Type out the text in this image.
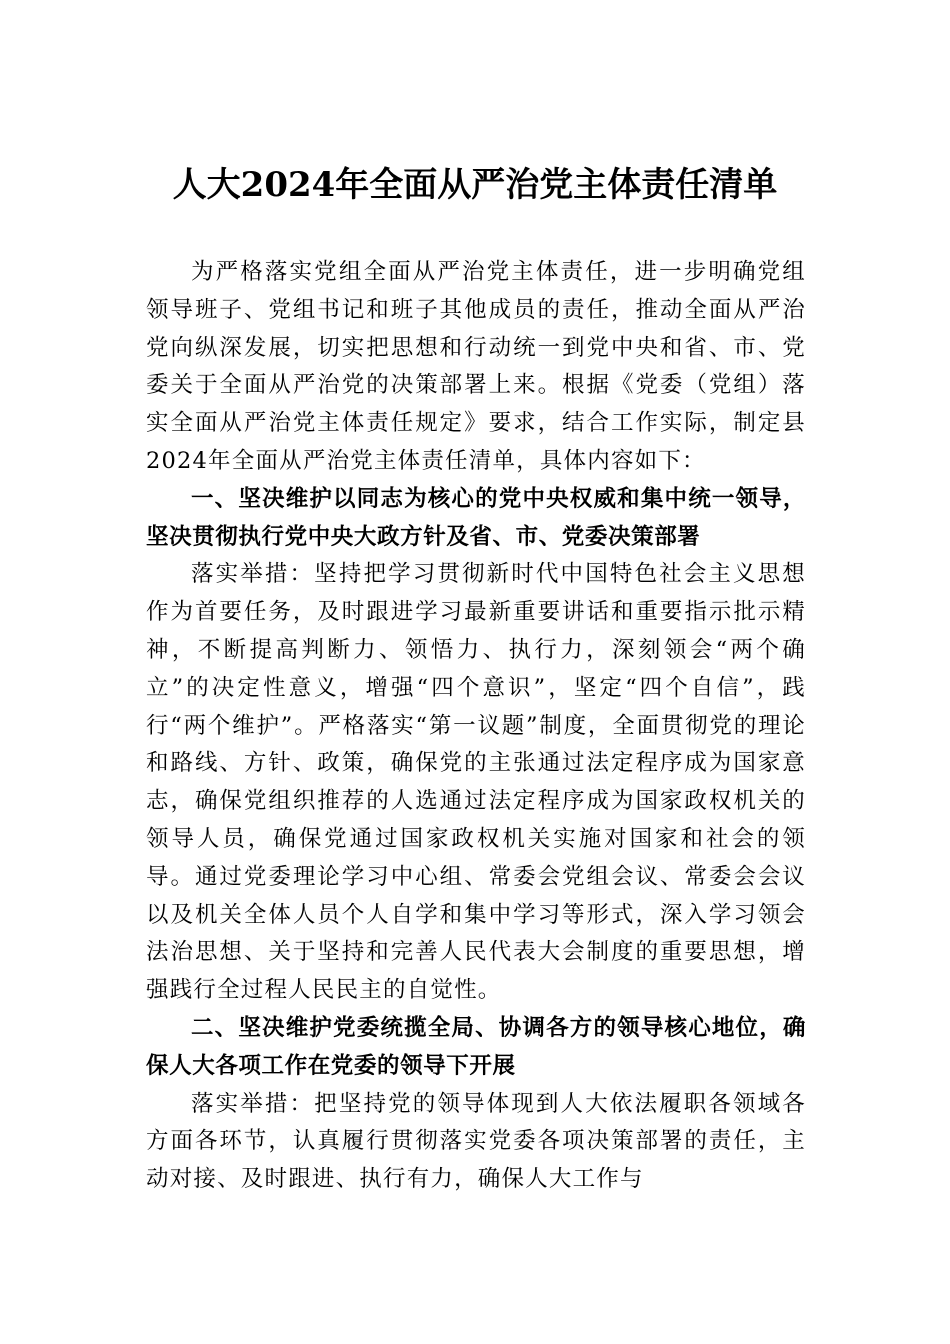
人大2024年全面从严治党主体责任清单

为严格落实党组全面从严治党主体责任，进一步明确党组领导班子、党组书记和班子其他成员的责任，推动全面从严治党向纵深发展，切实把思想和行动统一到党中央和省、市、党委关于全面从严治党的决策部署上来。根据《党委（党组）落实全面从严治党主体责任规定》要求，结合工作实际，制定县2024年全面从严治党主体责任清单，具体内容如下：

一、坚决维护以同志为核心的党中央权威和集中统一领导，坚决贯彻执行党中央大政方针及省、市、党委决策部署

落实举措：坚持把学习贯彻新时代中国特色社会主义思想作为首要任务，及时跟进学习最新重要讲话和重要指示批示精神，不断提高判断力、领悟力、执行力，深刻领会“两个确立”的决定性意义，增强“四个意识”，坚定“四个自信”，践行“两个维护”。严格落实“第一议题”制度，全面贯彻党的理论和路线、方针、政策，确保党的主张通过法定程序成为国家意志，确保党组织推荐的人选通过法定程序成为国家政权机关的领导人员，确保党通过国家政权机关实施对国家和社会的领导。通过党委理论学习中心组、常委会党组会议、常委会会议以及机关全体人员个人自学和集中学习等形式，深入学习领会法治思想、关于坚持和完善人民代表大会制度的重要思想，增强践行全过程人民民主的自觉性。

二、坚决维护党委统揽全局、协调各方的领导核心地位，确保人大各项工作在党委的领导下开展

落实举措：把坚持党的领导体现到人大依法履职各领域各方面各环节，认真履行贯彻落实党委各项决策部署的责任，主动对接、及时跟进、执行有力，确保人大工作与
